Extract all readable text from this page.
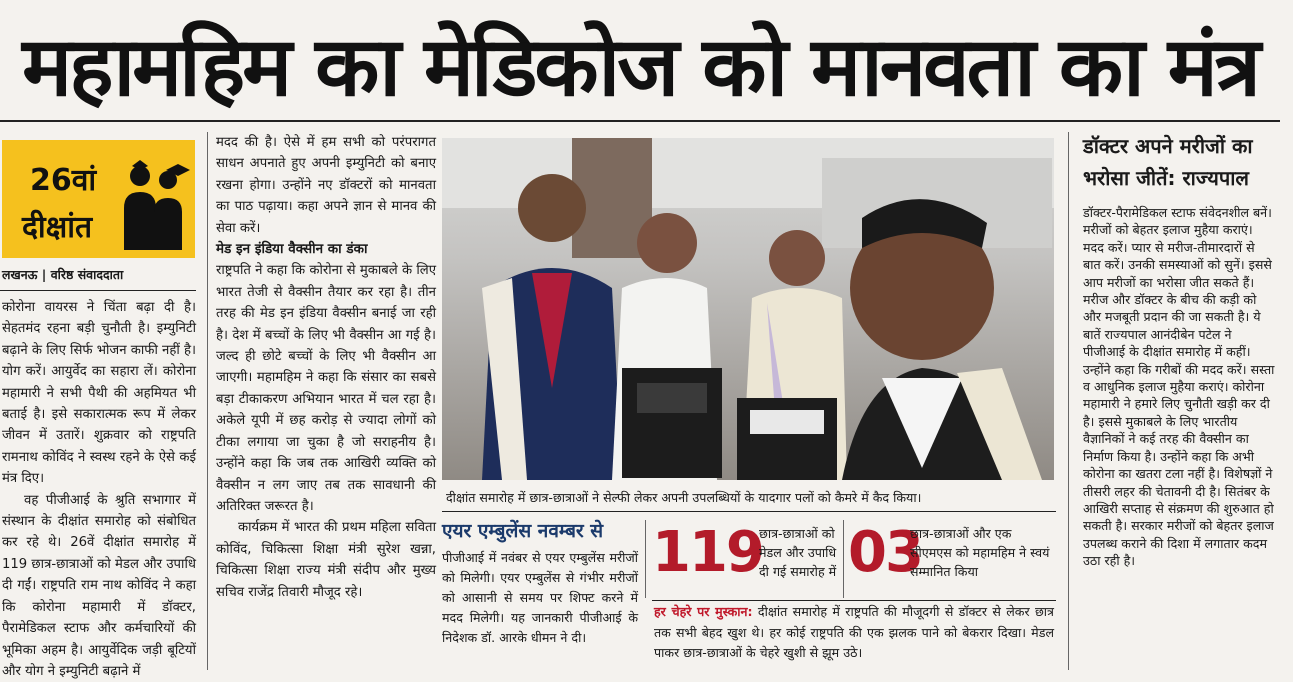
महामहिम का मेडिकोज को मानवता का मंत्र
26वां
दीक्षांत
लखनऊ | वरिष्ठ संवाददाता

कोरोना वायरस ने चिंता बढ़ा दी है। सेहतमंद रहना बड़ी चुनौती है। इम्युनिटी बढ़ाने के लिए सिर्फ भोजन काफी नहीं है। योग करें। आयुर्वेद का सहारा लें। कोरोना महामारी ने सभी पैथी की अहमियत भी बताई है। इसे सकारात्मक रूप में लेकर जीवन में उतारें। शुक्रवार को राष्ट्रपति रामनाथ कोविंद ने स्वस्थ रहने के ऐसे कई मंत्र दिए।

वह पीजीआई के श्रुति सभागार में संस्थान के दीक्षांत समारोह को संबोधित कर रहे थे। 26वें दीक्षांत समारोह में 119 छात्र-छात्राओं को मेडल और उपाधि दी गईं। राष्ट्रपति राम नाथ कोविंद ने कहा कि कोरोना महामारी में डॉक्टर, पैरामेडिकल स्टाफ और कर्मचारियों की भूमिका अहम है। आयुर्वेदिक जड़ी बूटियों और योग ने इम्युनिटी बढ़ाने में

मदद की है। ऐसे में हम सभी को परंपरागत साधन अपनाते हुए अपनी इम्युनिटी को बनाए रखना होगा। उन्होंने नए डॉक्टरों को मानवता का पाठ पढ़ाया। कहा अपने ज्ञान से मानव की सेवा करें।

मेड इन इंडिया वैक्सीन का डंका

राष्ट्रपति ने कहा कि कोरोना से मुकाबले के लिए भारत तेजी से वैक्सीन तैयार कर रहा है। तीन तरह की मेड इन इंडिया वैक्सीन बनाई जा रही है। देश में बच्चों के लिए भी वैक्सीन आ गई है। जल्द ही छोटे बच्चों के लिए भी वैक्सीन आ जाएगी। महामहिम ने कहा कि संसार का सबसे बड़ा टीकाकरण अभियान भारत में चल रहा है। अकेले यूपी में छह करोड़ से ज्यादा लोगों को टीका लगाया जा चुका है जो सराहनीय है। उन्होंने कहा कि जब तक आखिरी व्यक्ति को वैक्सीन न लग जाए तब तक सावधानी की अतिरिक्त जरूरत है।

कार्यक्रम में भारत की प्रथम महिला सविता कोविंद, चिकित्सा शिक्षा मंत्री सुरेश खन्ना, चिकित्सा शिक्षा राज्य मंत्री संदीप और मुख्य सचिव राजेंद्र तिवारी मौजूद रहे।

दीक्षांत समारोह में छात्र-छात्राओं ने सेल्फी लेकर अपनी उपलब्धियों के यादगार पलों को कैमरे में कैद किया।
एयर एम्बुलेंस नवम्बर से
पीजीआई में नवंबर से एयर एम्बुलेंस मरीजों को मिलेगी। एयर एम्बुलेंस से गंभीर मरीजों को आसानी से समय पर शिफ्ट करने में मदद मिलेगी। यह जानकारी पीजीआई के निदेशक डॉ. आरके धीमन ने दी।
119
छात्र-छात्राओं को मेडल और उपाधि दी गई समारोह में 03
छात्र-छात्राओं और एक सीएमएस को महामहिम ने स्वयं सम्मानित किया
हर चेहरे पर मुस्कान: दीक्षांत समारोह में राष्ट्रपति की मौजूदगी से डॉक्टर से लेकर छात्र तक सभी बेहद खुश थे। हर कोई राष्ट्रपति की एक झलक पाने को बेकरार दिखा। मेडल पाकर छात्र-छात्राओं के चेहरे खुशी से झूम उठे।
डॉक्टर अपने मरीजों का भरोसा जीतें: राज्यपाल
डॉक्टर-पैरामेडिकल स्टाफ संवेदनशील बनें। मरीजों को बेहतर इलाज मुहैया कराएं। मदद करें। प्यार से मरीज-तीमारदारों से बात करें। उनकी समस्याओं को सुनें। इससे आप मरीजों का भरोसा जीत सकते हैं। मरीज और डॉक्टर के बीच की कड़ी को और मजबूती प्रदान की जा सकती है। ये बातें राज्यपाल आनंदीबेन पटेल ने पीजीआई के दीक्षांत समारोह में कहीं। उन्होंने कहा कि गरीबों की मदद करें। सस्ता व आधुनिक इलाज मुहैया कराएं। कोरोना महामारी ने हमारे लिए चुनौती खड़ी कर दी है। इससे मुकाबले के लिए भारतीय वैज्ञानिकों ने कई तरह की वैक्सीन का निर्माण किया है। उन्होंने कहा कि अभी कोरोना का खतरा टला नहीं है। विशेषज्ञों ने तीसरी लहर की चेतावनी दी है। सितंबर के आखिरी सप्ताह से संक्रमण की शुरुआत हो सकती है। सरकार मरीजों को बेहतर इलाज उपलब्ध कराने की दिशा में लगातार कदम उठा रही है।
